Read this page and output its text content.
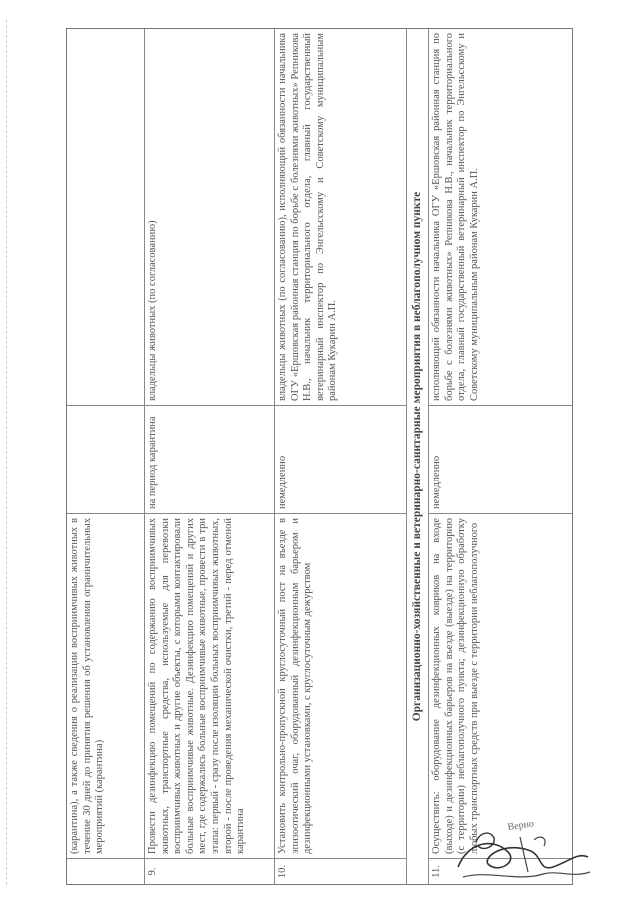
(карантина), а также сведения о реализации восприимчивых животных в течение 30 дней до принятия решения об установлении ограничительных мероприятий (карантина)
9.
Провести дезинфекцию помещений по содержанию восприимчивых животных, транспортные средства, используемые для перевозки восприимчивых животных и другие объекты, с которыми контактировали больные восприимчивые животные. Дезинфекцию помещений и других мест, где содержались больные восприимчивые животные, провести в три этапа: первый - сразу после изоляции больных восприимчивых животных, второй - после проведения механической очистки, третий - перед отменой карантина
на период карантина
владельцы животных (по согласованию)
10.
Установить контрольно-пропускной круглосуточный пост на въезде в эпизоотический очаг, оборудованный дезинфекционным барьером и дезинфекционными установками, с круглосуточным дежурством
немедленно
владельцы животных (по согласованию), исполняющий обязанности начальника ОГУ «Ершовская районная станция по борьбе с болезнями животных» Репникова Н.В., начальник территориального отдела, главный государственный ветеринарный инспектор по Энгельсскому и Советскому муниципальным районам Кукарин А.П.	Организационно-хозяйственные и ветеринарно-санитарные мероприятия в неблагополучном пункте
11.
Осуществить: оборудование дезинфекционных ковриков на входе (выходе) и дезинфекционных барьеров на въезде (выезде) на территорию (с территории) неблагополучного пункта; дезинфекционную обработку любых транспортных средств при выезде с территории неблагополучного
немедленно
исполняющий обязанности начальника ОГУ «Ершовская районная станция по борьбе с болезнями животных» Репникова Н.В., начальник территориального отдела, главный государственный ветеринарный инспектор по Энгельсскому и Советскому муниципальным районам Кукарин А.П.
Верно
